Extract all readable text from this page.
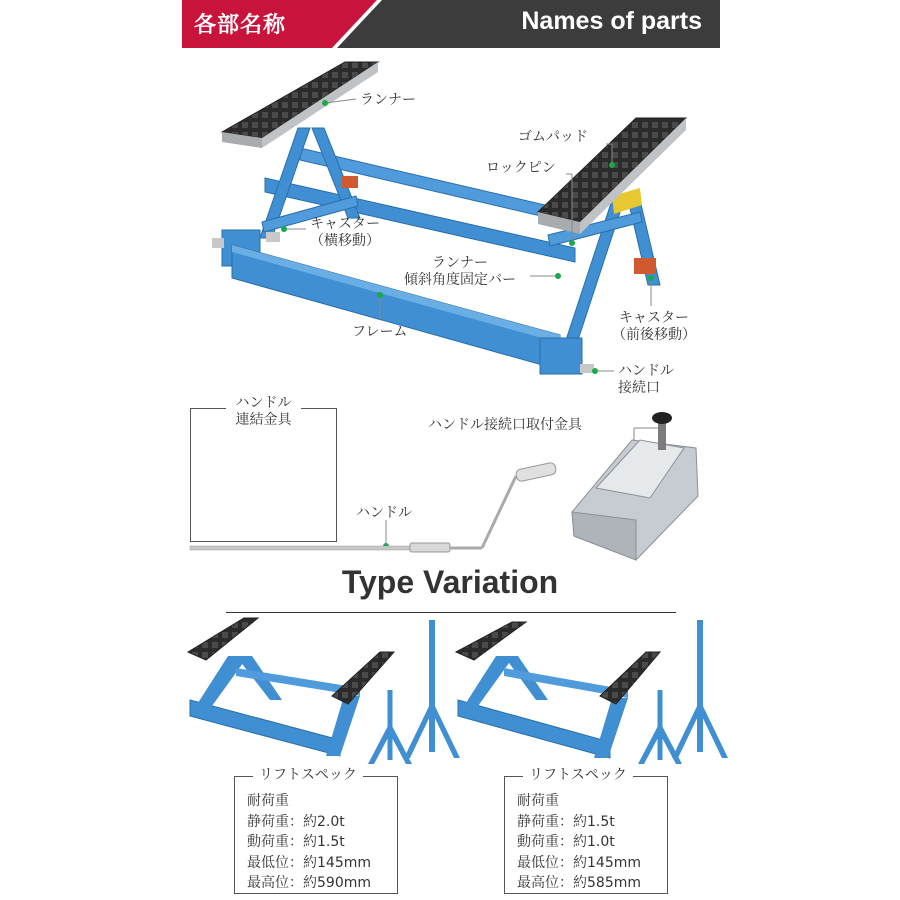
各部名称	Names of parts
ランナー
ゴムパッド
ロックピン
キャスター
（横移動）
ランナー
傾斜角度固定バー
フレーム
キャスター
（前後移動）
ハンドル
接続口
ハンドル
ハンドル接続口取付金具
ハンドル
連結金具
Type Variation
リフトスペック
耐荷重
静荷重：約2.0t
動荷重：約1.5t
最低位：約145mm
最高位：約590mm
リフトスペック
耐荷重
静荷重：約1.5t
動荷重：約1.0t
最低位：約145mm
最高位：約585mm
